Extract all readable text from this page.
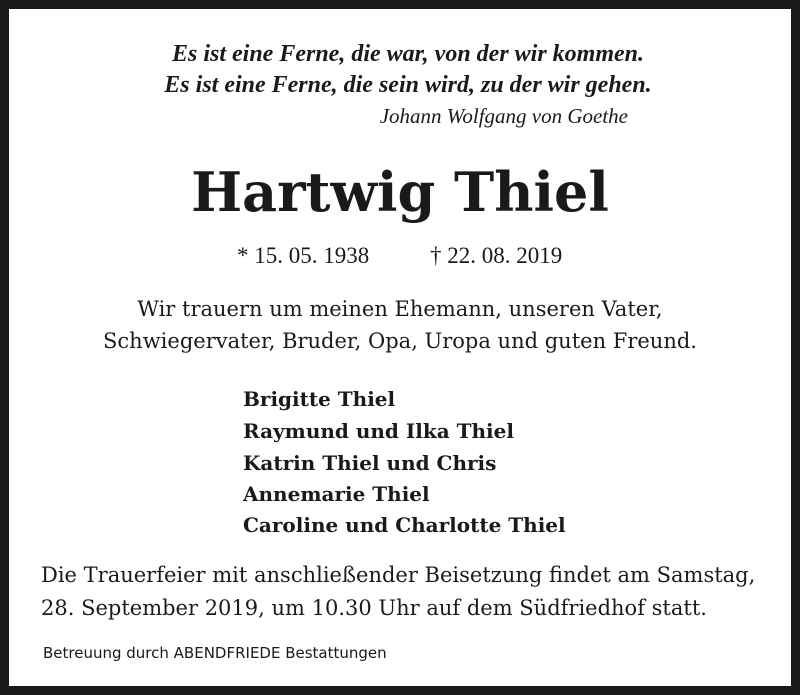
Es ist eine Ferne, die war, von der wir kommen.
Es ist eine Ferne, die sein wird, zu der wir gehen.
Johann Wolfgang von Goethe
Hartwig Thiel
* 15. 05. 1938	† 22. 08. 2019
Wir trauern um meinen Ehemann, unseren Vater,
Schwiegervater, Bruder, Opa, Uropa und guten Freund.
Brigitte Thiel
Raymund und Ilka Thiel
Katrin Thiel und Chris
Annemarie Thiel
Caroline und Charlotte Thiel
Die Trauerfeier mit anschließender Beisetzung findet am Samstag,
28. September 2019, um 10.30 Uhr auf dem Südfriedhof statt.
Betreuung durch ABENDFRIEDE Bestattungen
